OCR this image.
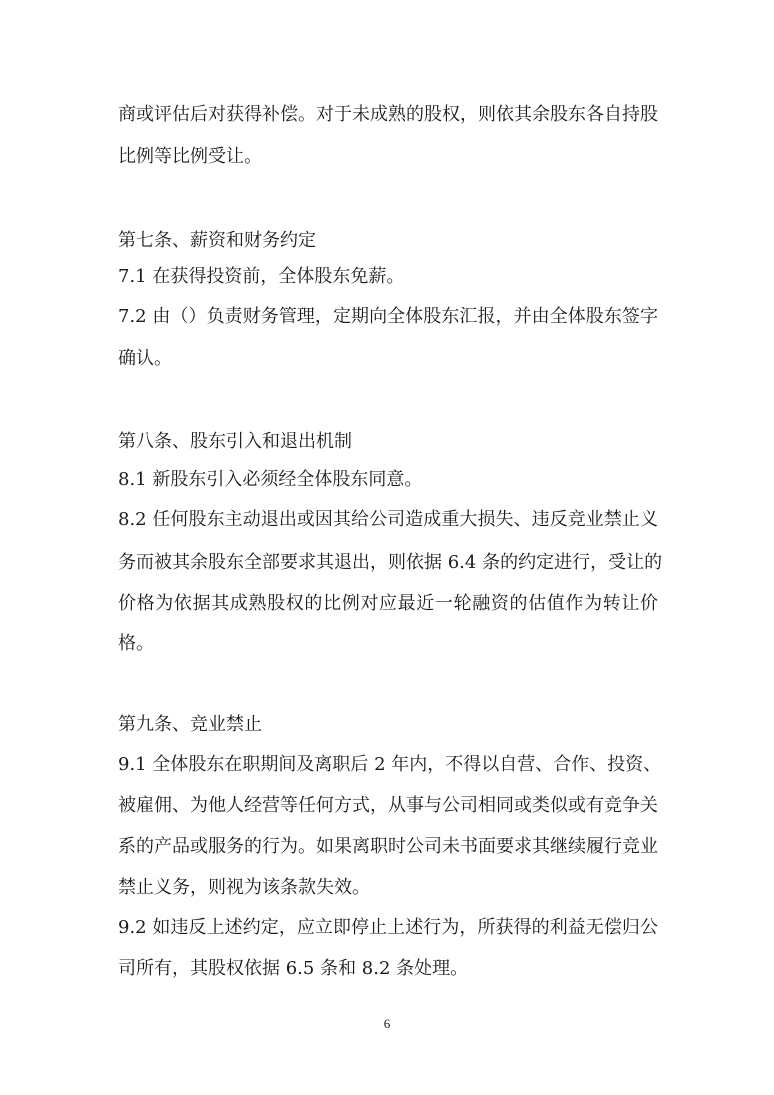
商或评估后对获得补偿。对于未成熟的股权，则依其余股东各自持股
比例等比例受让。
第七条、薪资和财务约定
7.1 在获得投资前，全体股东免薪。
7.2 由（）负责财务管理，定期向全体股东汇报，并由全体股东签字
确认。
第八条、股东引入和退出机制
8.1 新股东引入必须经全体股东同意。
8.2 任何股东主动退出或因其给公司造成重大损失、违反竞业禁止义
务而被其余股东全部要求其退出，则依据 6.4 条的约定进行，受让的
价格为依据其成熟股权的比例对应最近一轮融资的估值作为转让价
格。
第九条、竞业禁止
9.1 全体股东在职期间及离职后 2 年内，不得以自营、合作、投资、
被雇佣、为他人经营等任何方式，从事与公司相同或类似或有竞争关
系的产品或服务的行为。如果离职时公司未书面要求其继续履行竞业
禁止义务，则视为该条款失效。
9.2 如违反上述约定，应立即停止上述行为，所获得的利益无偿归公
司所有，其股权依据 6.5 条和 8.2 条处理。
6
